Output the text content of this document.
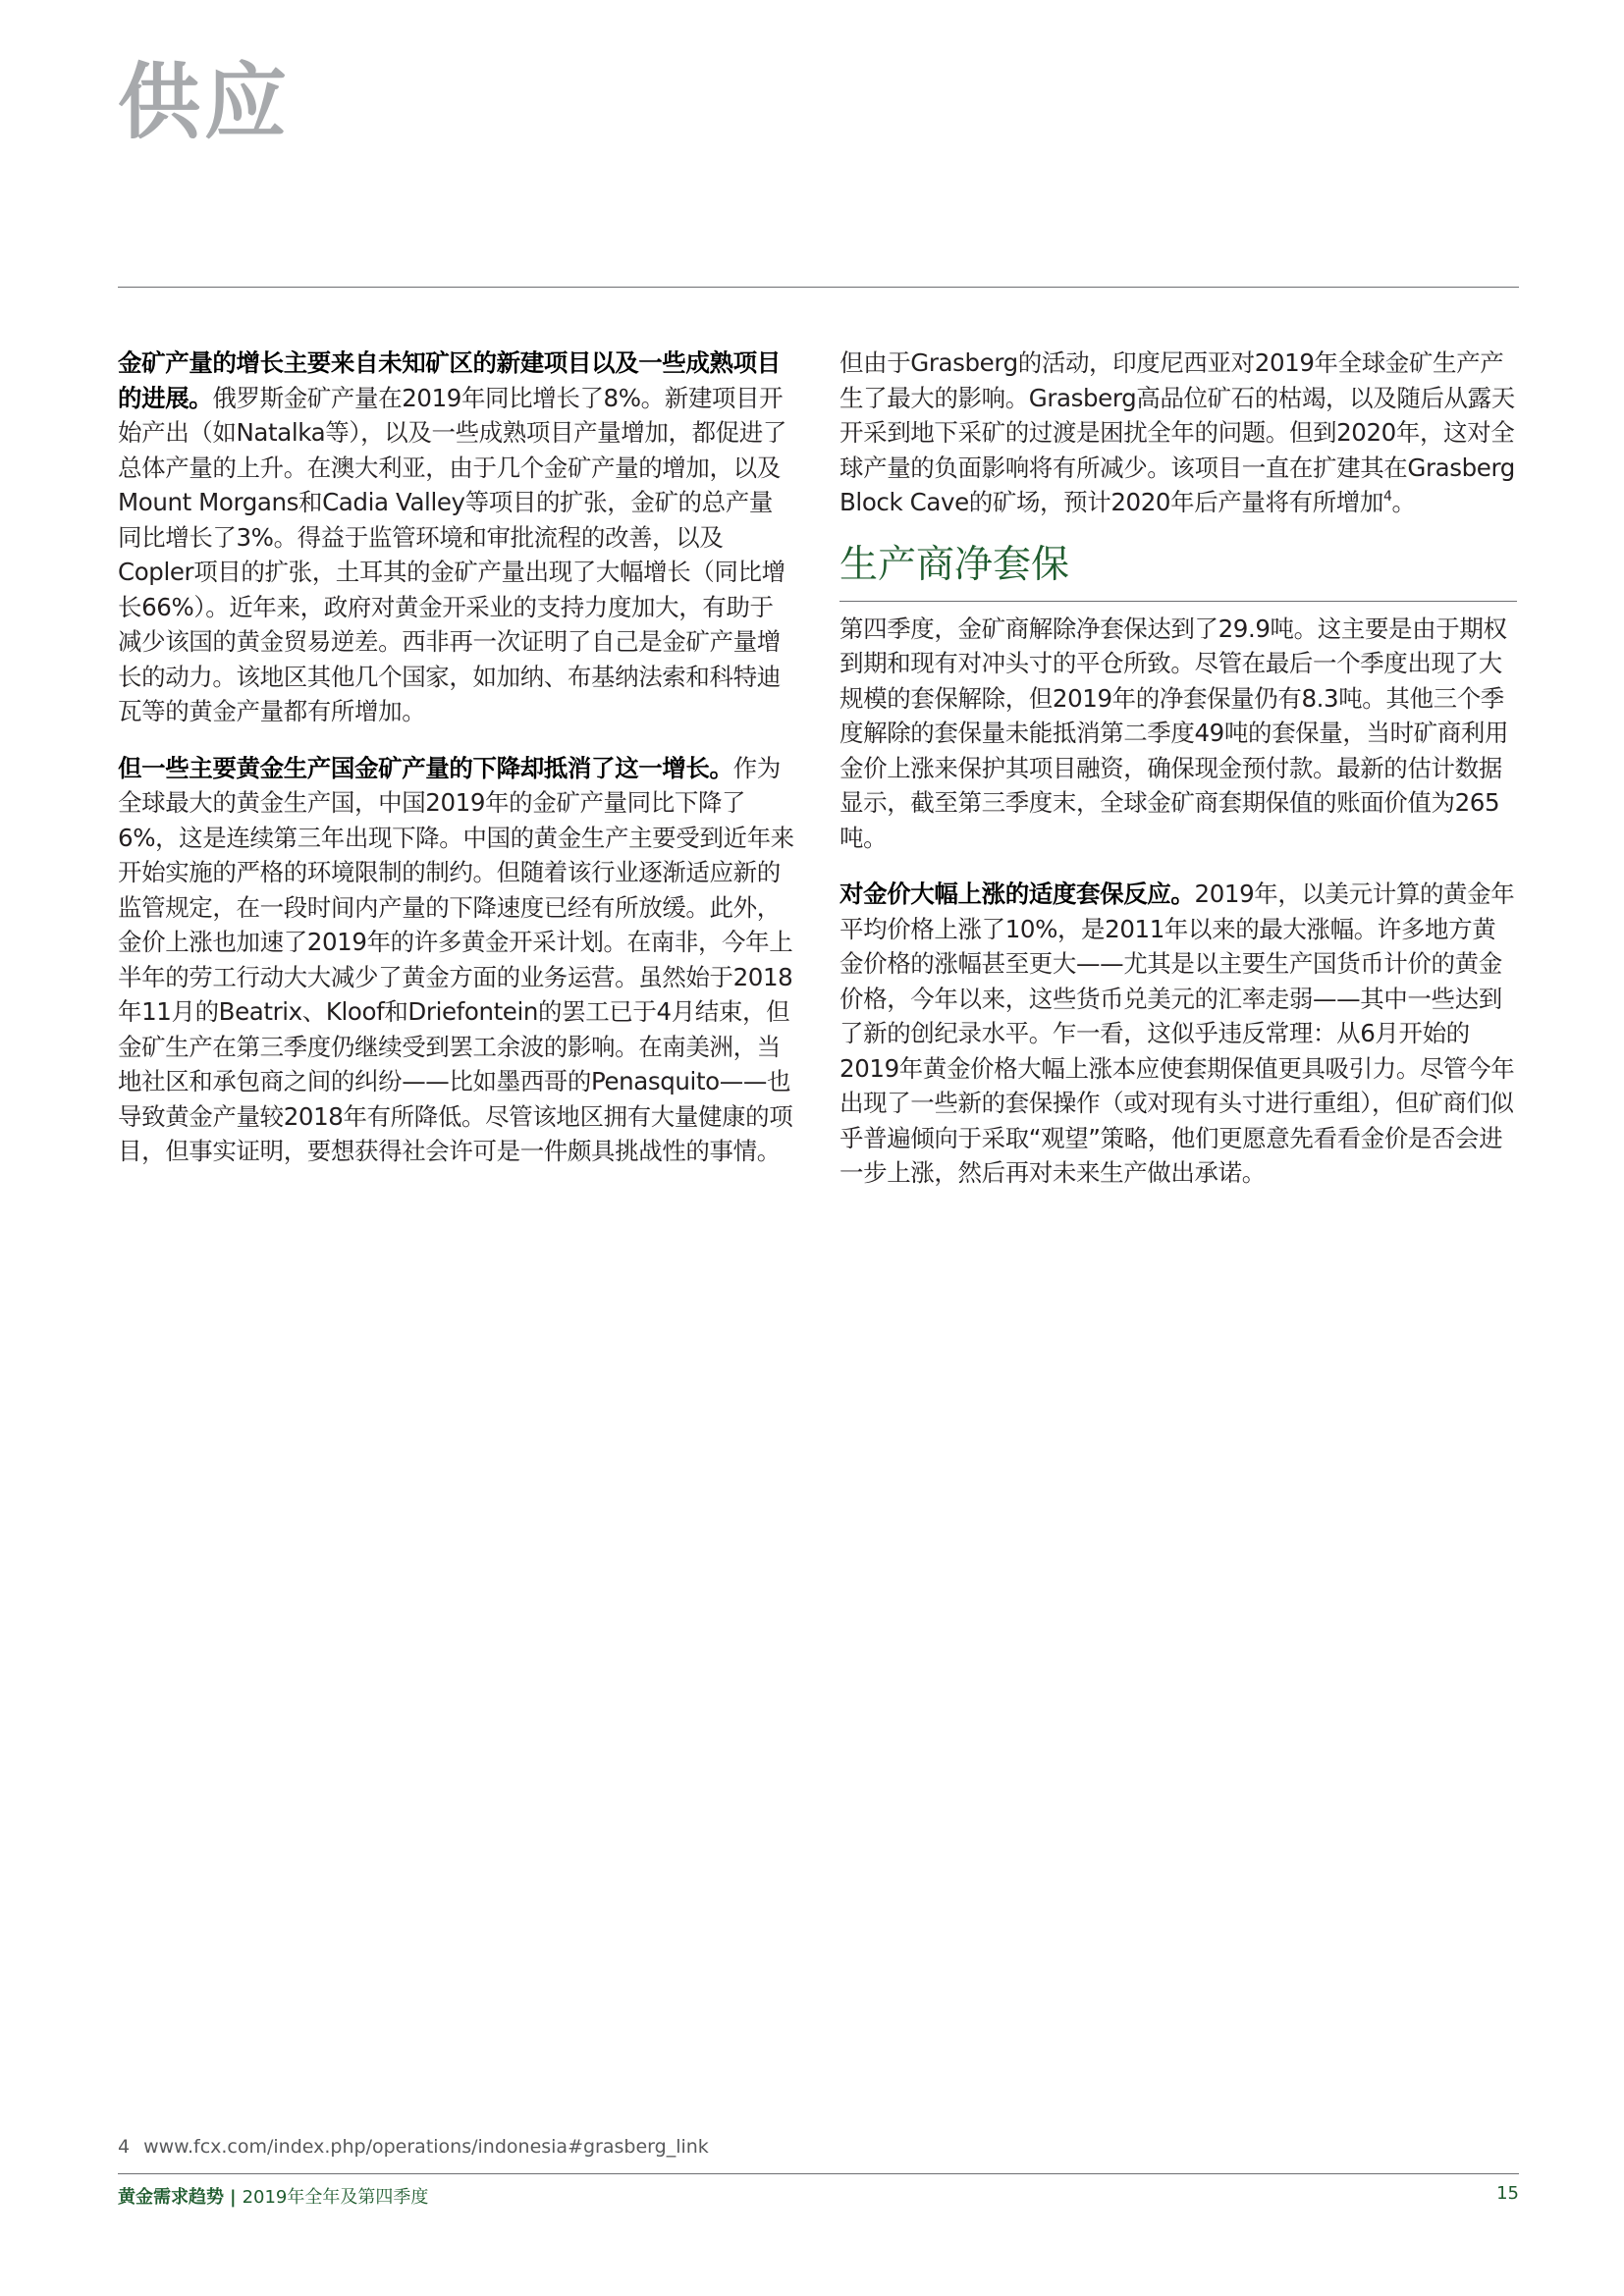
供应

金矿产量的增长主要来自未知矿区的新建项目以及一些成熟项目的进展。俄罗斯金矿产量在2019年同比增长了8%。新建项目开始产出（如Natalka等），以及一些成熟项目产量增加，都促进了总体产量的上升。在澳大利亚，由于几个金矿产量的增加，以及Mount Morgans和Cadia Valley等项目的扩张，金矿的总产量同比增长了3%。得益于监管环境和审批流程的改善，以及Copler项目的扩张，土耳其的金矿产量出现了大幅增长（同比增长66%）。近年来，政府对黄金开采业的支持力度加大，有助于减少该国的黄金贸易逆差。西非再一次证明了自己是金矿产量增长的动力。该地区其他几个国家，如加纳、布基纳法索和科特迪瓦等的黄金产量都有所增加。

但一些主要黄金生产国金矿产量的下降却抵消了这一增长。作为全球最大的黄金生产国，中国2019年的金矿产量同比下降了6%，这是连续第三年出现下降。中国的黄金生产主要受到近年来开始实施的严格的环境限制的制约。但随着该行业逐渐适应新的监管规定，在一段时间内产量的下降速度已经有所放缓。此外，金价上涨也加速了2019年的许多黄金开采计划。在南非，今年上半年的劳工行动大大减少了黄金方面的业务运营。虽然始于2018年11月的Beatrix、Kloof和Driefontein的罢工已于4月结束，但金矿生产在第三季度仍继续受到罢工余波的影响。在南美洲，当地社区和承包商之间的纠纷——比如墨西哥的Penasquito——也导致黄金产量较2018年有所降低。尽管该地区拥有大量健康的项目，但事实证明，要想获得社会许可是一件颇具挑战性的事情。

但由于Grasberg的活动，印度尼西亚对2019年全球金矿生产产生了最大的影响。Grasberg高品位矿石的枯竭，以及随后从露天开采到地下采矿的过渡是困扰全年的问题。但到2020年，这对全球产量的负面影响将有所减少。该项目一直在扩建其在Grasberg Block Cave的矿场，预计2020年后产量将有所增加$^4$。

生产商净套保

第四季度，金矿商解除净套保达到了29.9吨。这主要是由于期权到期和现有对冲头寸的平仓所致。尽管在最后一个季度出现了大规模的套保解除，但2019年的净套保量仍有8.3吨。其他三个季度解除的套保量未能抵消第二季度49吨的套保量，当时矿商利用金价上涨来保护其项目融资，确保现金预付款。最新的估计数据显示，截至第三季度末，全球金矿商套期保值的账面价值为265吨。

对金价大幅上涨的适度套保反应。2019年，以美元计算的黄金年平均价格上涨了10%，是2011年以来的最大涨幅。许多地方黄金价格的涨幅甚至更大——尤其是以主要生产国货币计价的黄金价格，今年以来，这些货币兑美元的汇率走弱——其中一些达到了新的创纪录水平。乍一看，这似乎违反常理：从6月开始的2019年黄金价格大幅上涨本应使套期保值更具吸引力。尽管今年出现了一些新的套保操作（或对现有头寸进行重组），但矿商们似乎普遍倾向于采取“观望”策略，他们更愿意先看看金价是否会进一步上涨，然后再对未来生产做出承诺。

4 www.fcx.com/index.php/operations/indonesia#grasberg_link
黄金需求趋势 | 2019年全年及第四季度	15
